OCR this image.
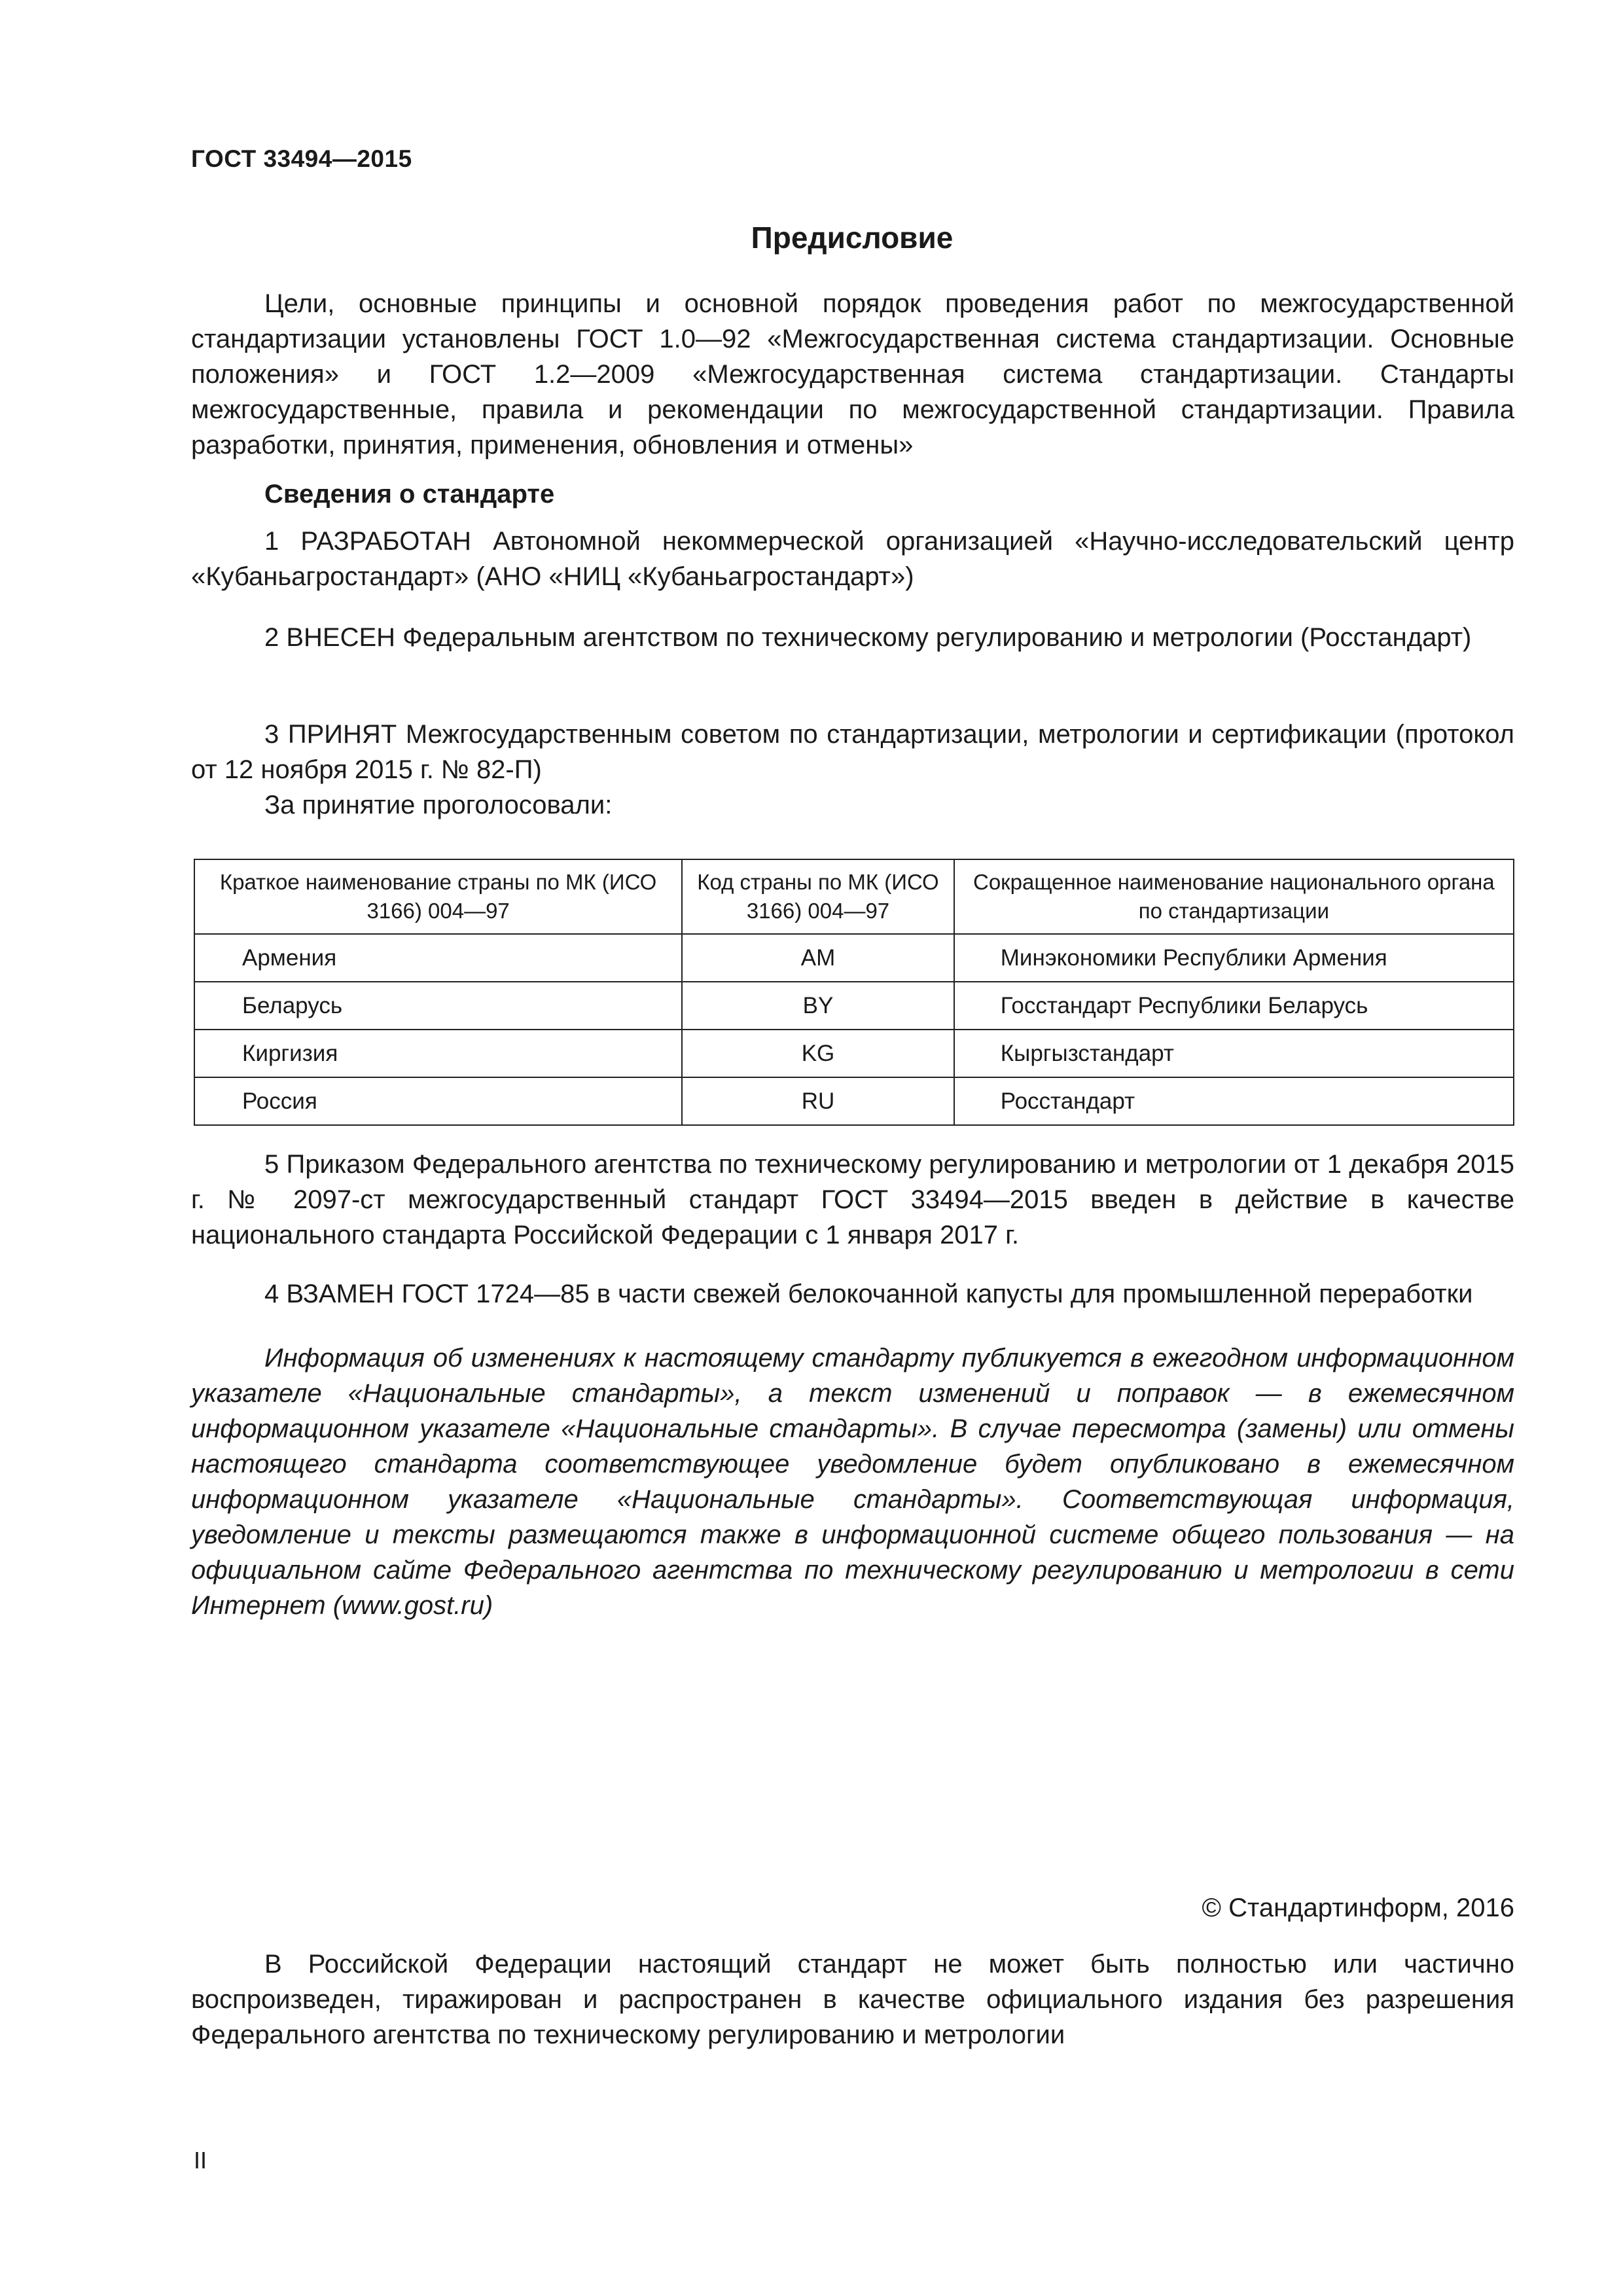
ГОСТ 33494—2015
Предисловие

Цели, основные принципы и основной порядок проведения работ по межгосударственной стандартизации установлены ГОСТ 1.0—92 «Межгосударственная система стандартизации. Основные положения» и ГОСТ 1.2—2009 «Межгосударственная система стандартизации. Стандарты межгосударственные, правила и рекомендации по межгосударственной стандартизации. Правила разработки, принятия, применения, обновления и отмены»

Сведения о стандарте

1 РАЗРАБОТАН Автономной некоммерческой организацией «Научно-исследовательский центр «Кубаньагростандарт» (АНО «НИЦ «Кубаньагростандарт»)

2 ВНЕСЕН Федеральным агентством по техническому регулированию и метрологии (Росстандарт)

3 ПРИНЯТ Межгосударственным советом по стандартизации, метрологии и сертификации (протокол от 12 ноября 2015 г. № 82-П)

За принятие проголосовали:
Краткое наименование страны по МК (ИСО 3166) 004—97	Код страны по МК (ИСО 3166) 004—97	Сокращенное наименование национального органа по стандартизации
Армения	AM	Минэкономики Республики Армения
Беларусь	BY	Госстандарт Республики Беларусь
Киргизия	KG	Кыргызстандарт
Россия	RU	Росстандарт

5 Приказом Федерального агентства по техническому регулированию и метрологии от 1 декабря 2015 г. № 2097-ст межгосударственный стандарт ГОСТ 33494—2015 введен в действие в качестве национального стандарта Российской Федерации с 1 января 2017 г.

4 ВЗАМЕН ГОСТ 1724—85 в части свежей белокочанной капусты для промышленной переработки

Информация об изменениях к настоящему стандарту публикуется в ежегодном информационном указателе «Национальные стандарты», а текст изменений и поправок — в ежемесячном информационном указателе «Национальные стандарты». В случае пересмотра (замены) или отмены настоящего стандарта соответствующее уведомление будет опубликовано в ежемесячном информационном указателе «Национальные стандарты». Соответствующая информация, уведомление и тексты размещаются также в информационной системе общего пользования — на официальном сайте Федерального агентства по техническому регулированию и метрологии в сети Интернет (www.gost.ru)

© Стандартинформ, 2016

В Российской Федерации настоящий стандарт не может быть полностью или частично воспроизведен, тиражирован и распространен в качестве официального издания без разрешения Федерального агентства по техническому регулированию и метрологии

II
